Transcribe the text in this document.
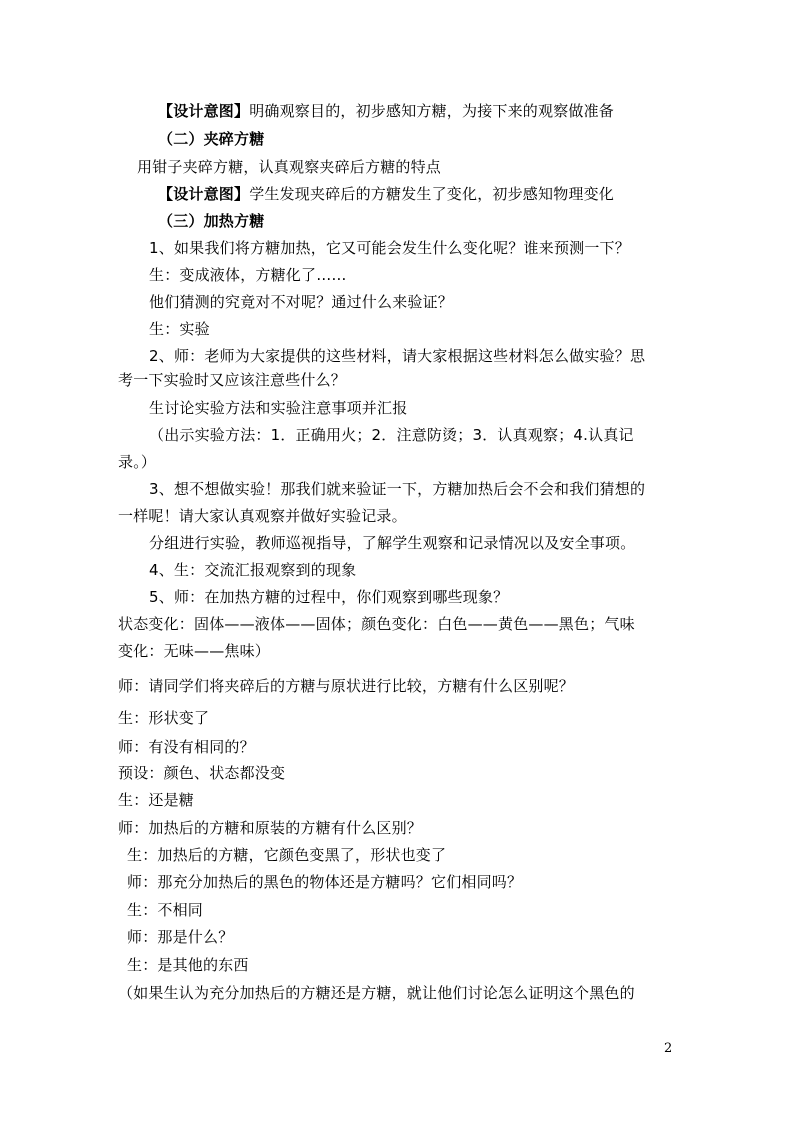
【设计意图】明确观察目的，初步感知方糖，为接下来的观察做准备
（二）夹碎方糖
用钳子夹碎方糖，认真观察夹碎后方糖的特点
【设计意图】学生发现夹碎后的方糖发生了变化，初步感知物理变化
（三）加热方糖
1、如果我们将方糖加热，它又可能会发生什么变化呢？谁来预测一下？
生：变成液体，方糖化了……
他们猜测的究竟对不对呢？通过什么来验证？
生：实验
2、师：老师为大家提供的这些材料，请大家根据这些材料怎么做实验？思
考一下实验时又应该注意些什么？
生讨论实验方法和实验注意事项并汇报
（出示实验方法：1．正确用火；2．注意防烫；3．认真观察；4.认真记
录。）
3、想不想做实验！那我们就来验证一下，方糖加热后会不会和我们猜想的
一样呢！请大家认真观察并做好实验记录。
分组进行实验，教师巡视指导，了解学生观察和记录情况以及安全事项。
4、生：交流汇报观察到的现象
5、师：在加热方糖的过程中，你们观察到哪些现象？
状态变化：固体——液体——固体；颜色变化：白色——黄色——黑色；气味
变化：无味——焦味）
师：请同学们将夹碎后的方糖与原状进行比较，方糖有什么区别呢？
生：形状变了
师：有没有相同的？
预设：颜色、状态都没变
生：还是糖
师：加热后的方糖和原装的方糖有什么区别？
生：加热后的方糖，它颜色变黑了，形状也变了
师：那充分加热后的黑色的物体还是方糖吗？它们相同吗？
生：不相同
师：那是什么？
生：是其他的东西
（如果生认为充分加热后的方糖还是方糖，就让他们讨论怎么证明这个黑色的
2
